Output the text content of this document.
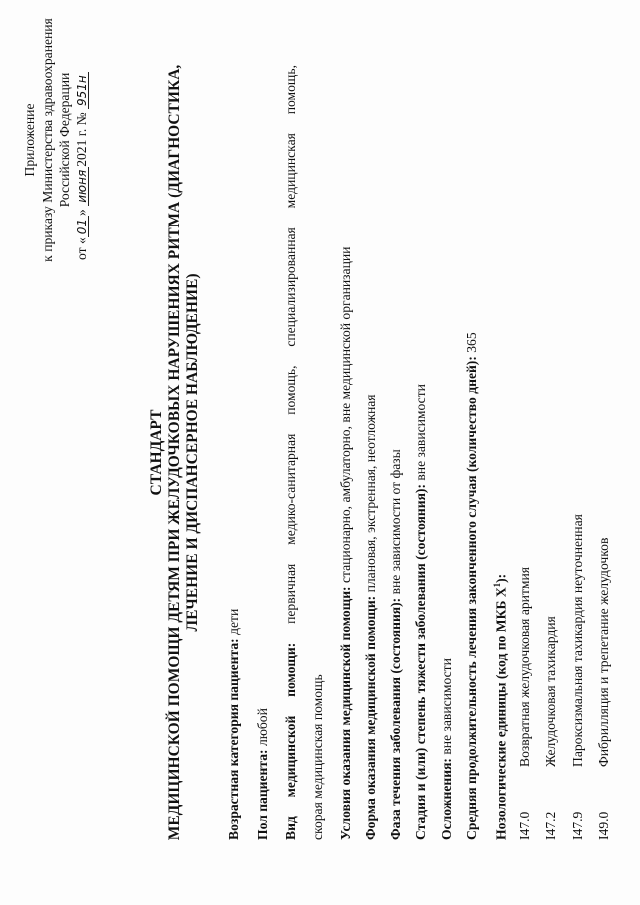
Приложение к приказу Министерства здравоохранения Российской Федерации
от «01» июня2021 г. № 951н
СТАНДАРТ МЕДИЦИНСКОЙ ПОМОЩИ ДЕТЯМ ПРИ ЖЕЛУДОЧКОВЫХ НАРУШЕНИЯХ РИТМА (ДИАГНОСТИКА, ЛЕЧЕНИЕ И ДИСПАНСЕРНОЕ НАБЛЮДЕНИЕ)
Возрастная категория пациента: дети
Пол пациента: любой Вид медицинской помощи: первичная медико-санитарная помощь, специализированная медицинская помощь,
скорая медицинская помощь Условия оказания медицинской помощи: стационарно, амбулаторно, вне медицинской организации
Форма оказания медицинской помощи: плановая, экстренная, неотложная
Фаза течения заболевания (состояния): вне зависимости от фазы Стадия и (или) степень тяжести заболевания (состояния): вне зависимости
Осложнения: вне зависимости Средняя продолжительность лечения законченного случая (количество дней): 365
Нозологические единицы (код по МКБ $X^1$):
I47.0
Возвратная желудочковая аритмия
I47.2
Желудочковая тахикардия
I47.9
Пароксизмальная тахикардия неуточненная
I49.0
Фибрилляция и трепетание желудочков
